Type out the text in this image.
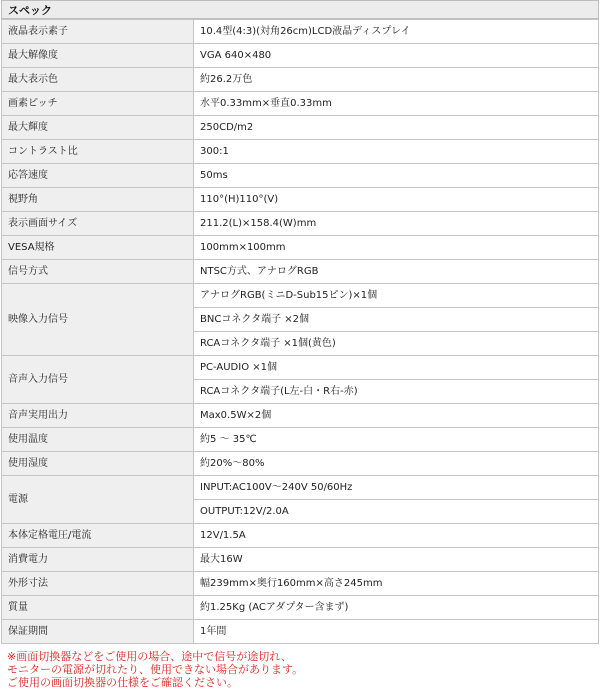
スペック
液晶表示素子	10.4型(4:3)(対角26cm)LCD液晶ディスプレイ
最大解像度	VGA 640×480
最大表示色	約26.2万色
画素ピッチ	水平0.33mm×垂直0.33mm
最大輝度	250CD/m2
コントラスト比	300:1
応答速度	50ms
視野角	110°(H)110°(V)
表示画面サイズ	211.2(L)×158.4(W)mm
VESA規格	100mm×100mm
信号方式	NTSC方式、アナログRGB
映像入力信号	アナログRGB(ミニD-Sub15ピン)×1個
	BNCコネクタ端子 ×2個
	RCAコネクタ端子 ×1個(黄色)
音声入力信号	PC-AUDIO ×1個
	RCAコネクタ端子(L左-白・R右-赤)
音声実用出力	Max0.5W×2個
使用温度	約5 ～ 35℃
使用湿度	約20%～80%
電源	INPUT:AC100V～240V 50/60Hz
	OUTPUT:12V/2.0A
本体定格電圧/電流	12V/1.5A
消費電力	最大16W
外形寸法	幅239mm×奥行160mm×高さ245mm
質量	約1.25Kg (ACアダプター含まず)
保証期間	1年間
※画面切換器などをご使用の場合、途中で信号が途切れ、
モニターの電源が切れたり、使用できない場合があります。
ご使用の画面切換器の仕様をご確認ください。
